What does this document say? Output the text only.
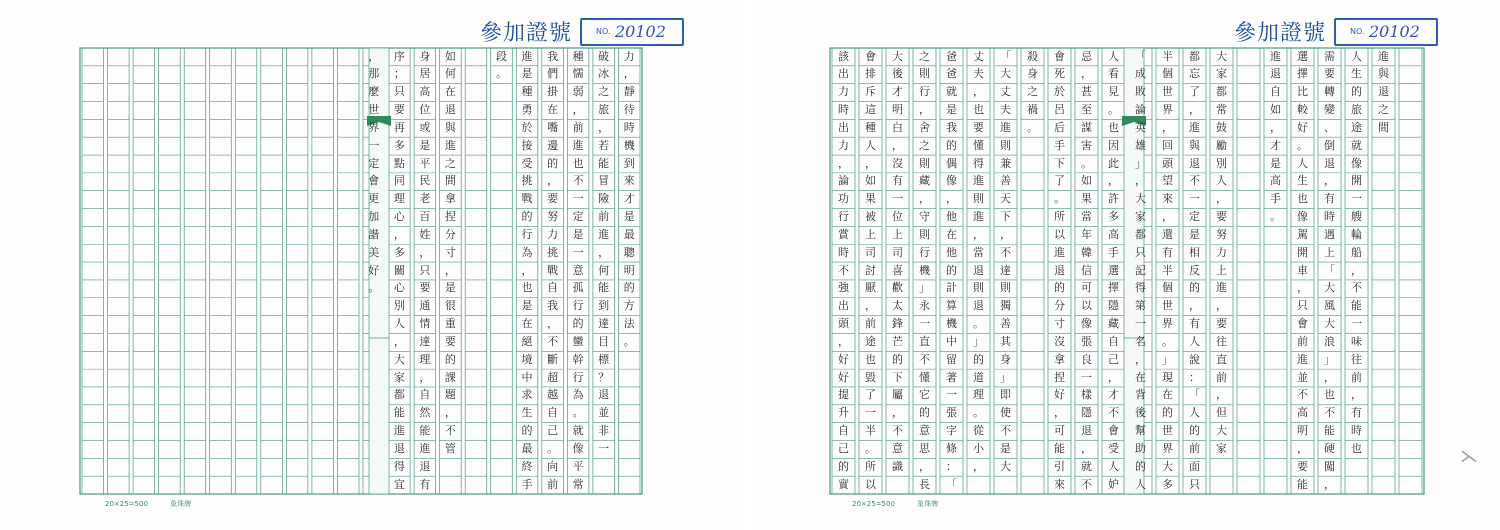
參加證號	NO. 20102
力
，
靜
待
時
機
到
來
才
是
最
聰
明
的
方
法
。
破
冰
之
旅
，
若
能
冒
險
前
進
，
何
能
到
達
目
標
？
退
並
非
一
種
懦
弱
，
前
進
也
不
一
定
是
一
意
孤
行
的
蠻
幹
行
為
。
就
像
平
常
我
們
掛
在
嘴
邊
的
，
要
努
力
挑
戰
自
我
，
不
斷
超
越
自
己
。
向
前
進
是
種
勇
於
接
受
挑
戰
的
行
為
，
也
是
在
絕
境
中
求
生
的
最
終
手
段
。
如
何
在
退
與
進
之
間
拿
捏
分
寸
，
是
很
重
要
的
課
題
，
不
管
身
居
高
位
或
是
平
民
老
百
姓
，
只
要
通
情
達
理
，
自
然
能
進
退
有
序
；
只
要
再
多
點
同
理
心
，
多
關
心
別
人
，
大
家
都
能
進
退
得
宜
，
那
麼
世
界
一
定
會
更
加
諧
美
好
。
20×25=500	象珠牌
參加證號	NO. 20102
進
與
退
之
間
人
生
的
旅
途
就
像
開
一
艘
輪
船
，
不
能
一
味
往
前
，
有
時
也
需
要
轉
變
、
倒
退
，
有
時
遇
上
「
大
風
大
浪
」
，
也
不
能
硬
闖
，
選
擇
比
較
好
。
人
生
也
像
駕
開
車
，
只
會
前
進
並
不
高
明
，
要
能
進
退
自
如
，
才
是
高
手
。
大
家
都
常
鼓
勵
別
人
，
要
努
力
上
進
，
要
往
直
前
，
但
大
家
都
忘
了
，
進
與
退
不
一
定
是
相
反
的
，
有
人
說
：
「
人
的
前
面
只
半
個
世
界
，
回
頭
望
來
，
還
有
半
個
世
界
。
」
現
在
的
世
界
大
多
「
成
敗
論
英
雄
」
，
大
家
都
只
記
得
第
一
名
，
在
背
後
幫
助
的
人
人
看
見
。
也
因
此
，
許
多
高
手
選
擇
隱
藏
自
己
，
才
不
會
受
人
妒
忌
，
甚
至
謀
害
。
如
果
當
年
韓
信
可
以
像
張
良
一
樣
隱
退
，
就
不
會
死
於
呂
后
手
下
了
。
所
以
進
退
的
分
寸
沒
拿
捏
好
，
可
能
引
來
殺
身
之
禍
。
「
大
丈
夫
進
則
兼
善
天
下
，
不
達
則
獨
善
其
身
」
即
使
不
是
大
丈
夫
，
也
要
懂
得
進
則
進
，
當
退
則
退
。
」
的
道
理
。
從
小
，
爸
爸
就
是
我
的
偶
像
，
他
在
他
的
計
算
機
中
留
著
一
張
字
條
：
「
之
則
行
，
舍
之
則
藏
，
守
則
行
機
」
永
一
直
不
懂
它
的
意
思
，
長
大
後
才
明
白
，
沒
有
一
位
上
司
喜
歡
太
鋒
芒
的
下
屬
，
不
意
識
會
排
斥
這
種
人
，
如
果
被
上
司
討
厭
，
前
途
也
毀
了
一
半
。
所
以
該
出
力
時
出
力
，
論
功
行
賞
時
不
強
出
頭
，
好
好
提
升
自
己
的
實
20×25=500	象珠牌
⋋
